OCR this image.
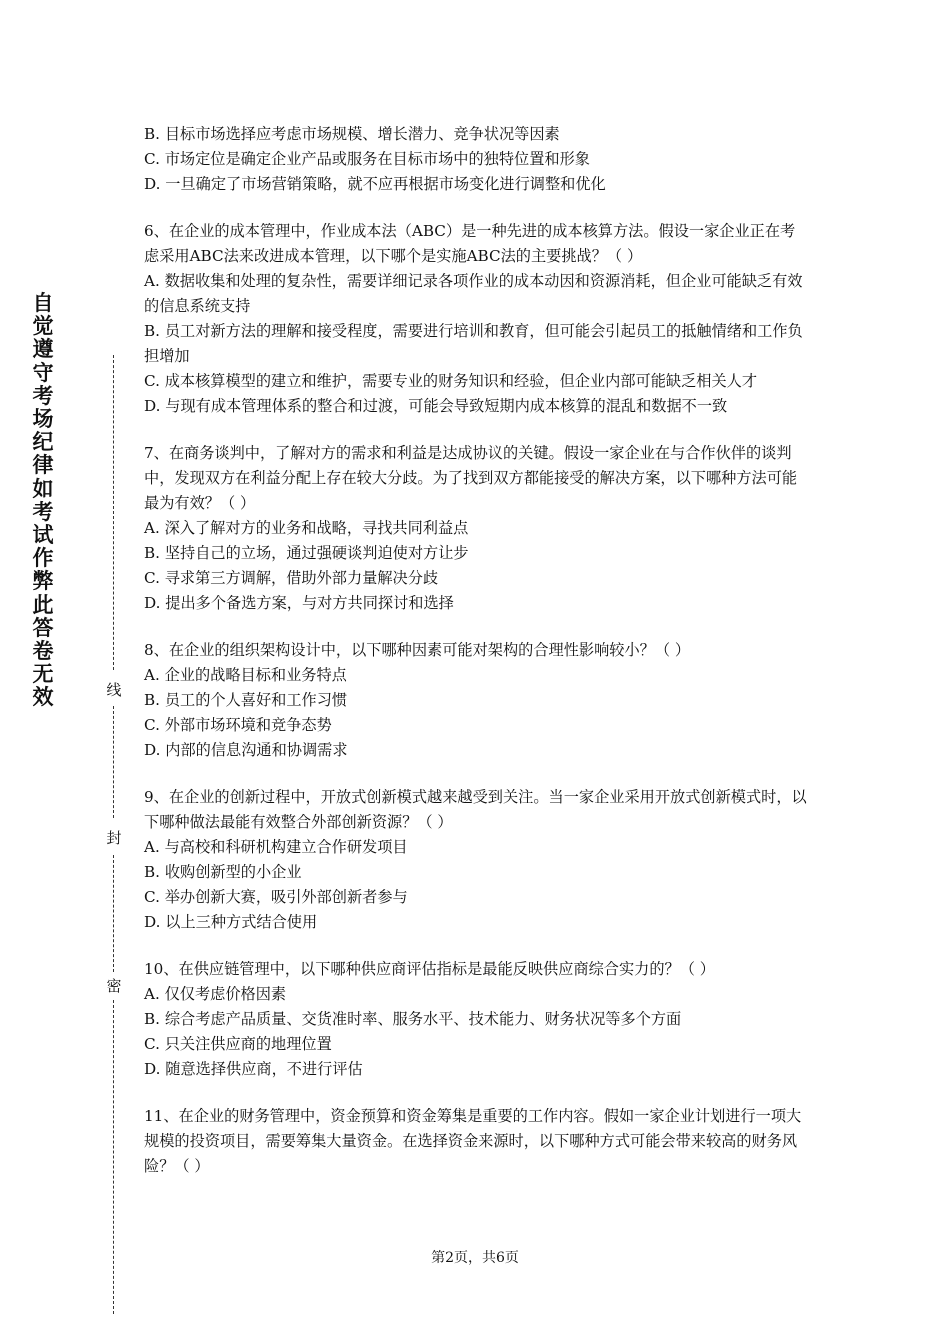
自觉遵守考场纪律如考试作弊此答卷无效	线
封
密

B. 目标市场选择应考虑市场规模、增长潜力、竞争状况等因素

C. 市场定位是确定企业产品或服务在目标市场中的独特位置和形象

D. 一旦确定了市场营销策略，就不应再根据市场变化进行调整和优化

6、在企业的成本管理中，作业成本法（ABC）是一种先进的成本核算方法。假设一家企业正在考虑采用ABC法来改进成本管理，以下哪个是实施ABC法的主要挑战？（ ）

A. 数据收集和处理的复杂性，需要详细记录各项作业的成本动因和资源消耗，但企业可能缺乏有效的信息系统支持

B. 员工对新方法的理解和接受程度，需要进行培训和教育，但可能会引起员工的抵触情绪和工作负担增加

C. 成本核算模型的建立和维护，需要专业的财务知识和经验，但企业内部可能缺乏相关人才

D. 与现有成本管理体系的整合和过渡，可能会导致短期内成本核算的混乱和数据不一致

7、在商务谈判中，了解对方的需求和利益是达成协议的关键。假设一家企业在与合作伙伴的谈判中，发现双方在利益分配上存在较大分歧。为了找到双方都能接受的解决方案，以下哪种方法可能最为有效？（ ）

A. 深入了解对方的业务和战略，寻找共同利益点

B. 坚持自己的立场，通过强硬谈判迫使对方让步

C. 寻求第三方调解，借助外部力量解决分歧

D. 提出多个备选方案，与对方共同探讨和选择

8、在企业的组织架构设计中，以下哪种因素可能对架构的合理性影响较小？（ ）

A. 企业的战略目标和业务特点

B. 员工的个人喜好和工作习惯

C. 外部市场环境和竞争态势

D. 内部的信息沟通和协调需求

9、在企业的创新过程中，开放式创新模式越来越受到关注。当一家企业采用开放式创新模式时，以下哪种做法最能有效整合外部创新资源？（ ）

A. 与高校和科研机构建立合作研发项目

B. 收购创新型的小企业

C. 举办创新大赛，吸引外部创新者参与

D. 以上三种方式结合使用

10、在供应链管理中，以下哪种供应商评估指标是最能反映供应商综合实力的？（ ）

A. 仅仅考虑价格因素

B. 综合考虑产品质量、交货准时率、服务水平、技术能力、财务状况等多个方面

C. 只关注供应商的地理位置

D. 随意选择供应商，不进行评估

11、在企业的财务管理中，资金预算和资金筹集是重要的工作内容。假如一家企业计划进行一项大规模的投资项目，需要筹集大量资金。在选择资金来源时，以下哪种方式可能会带来较高的财务风险？（ ）

第2页，共6页
